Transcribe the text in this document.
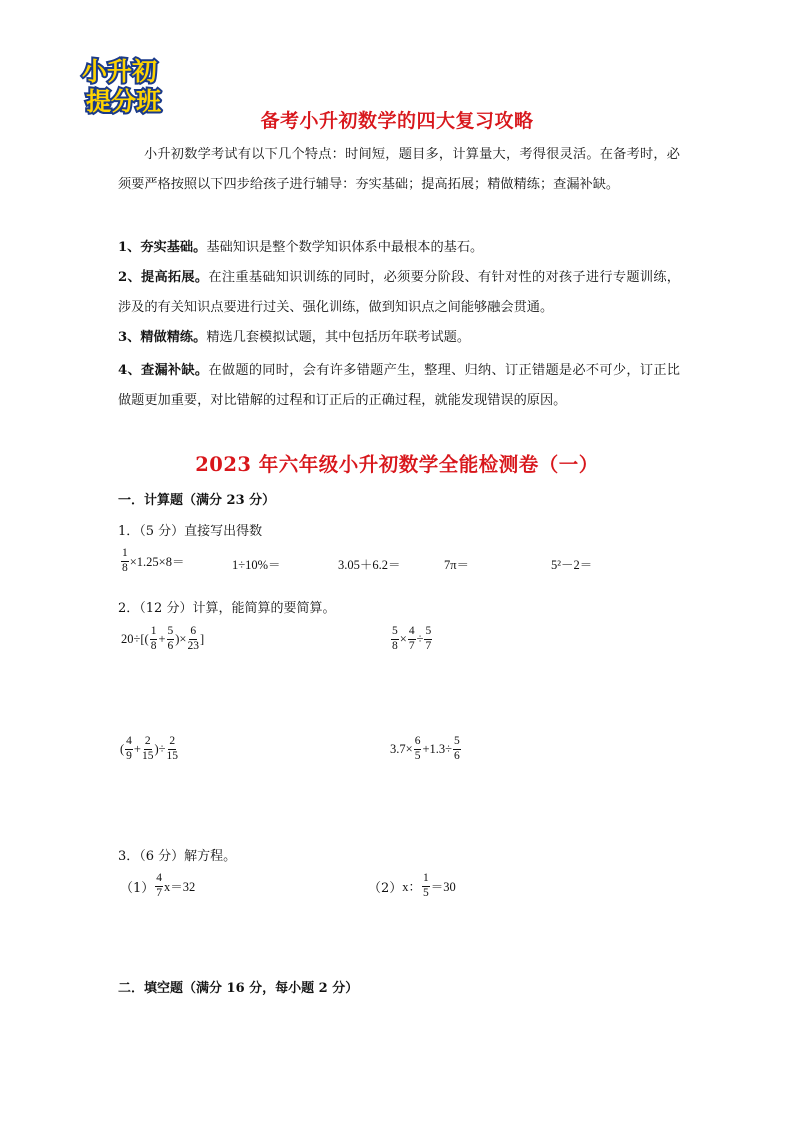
小升初
提分班
备考小升初数学的四大复习攻略
小升初数学考试有以下几个特点：时间短，题目多，计算量大，考得很灵活。在备考时，必须要严格按照以下四步给孩子进行辅导：夯实基础；提高拓展；精做精练；查漏补缺。
1、夯实基础。基础知识是整个数学知识体系中最根本的基石。
2、提高拓展。在注重基础知识训练的同时，必须要分阶段、有针对性的对孩子进行专题训练，涉及的有关知识点要进行过关、强化训练，做到知识点之间能够融会贯通。
3、精做精练。精选几套模拟试题，其中包括历年联考试题。
4、查漏补缺。在做题的同时，会有许多错题产生，整理、归纳、订正错题是必不可少，订正比做题更加重要，对比错解的过程和订正后的正确过程，就能发现错误的原因。
2023 年六年级小升初数学全能检测卷（一）
一．计算题（满分 23 分）
1．（5 分）直接写出得数
$\frac{1}{8} \times 1.25\times 8=$	1÷10%＝	3.05＋6.2＝	7π＝	5²－2＝
2．（12 分）计算，能简算的要简算。
$20\div[( \frac{1}{8} + \frac{5}{6}$ )× $\frac{6}{23}$ ]	$\frac{5}{8} \times \frac{4}{7} \div \frac{5}{7}$
( $\frac{4}{9} + \frac{2}{15}$ )÷ $\frac{2}{15}$	$3.7\times \frac{6}{5} +1.3\div \frac{5}{6}$
3．（6 分）解方程。
$(1) \frac{4}{7} x=32$	（2） x： $\frac{1}{5} =30$
二．填空题（满分 16 分，每小题 2 分）
